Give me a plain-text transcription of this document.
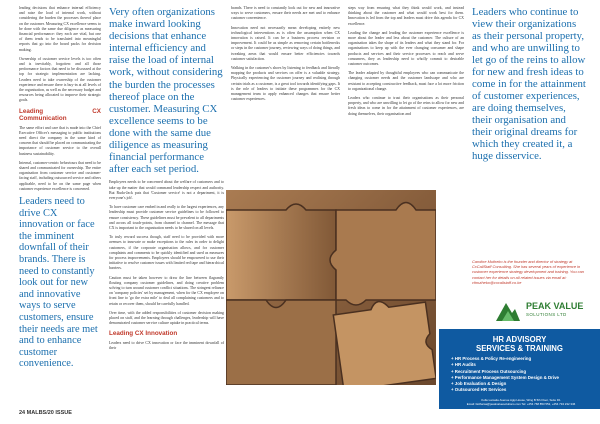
leading decisions that enhance internal efficiency and raise the load of internal work, without considering the burden the processes thereof place on the customer. Measuring CX excellence seems to be done with the same due diligence as measuring financial performance: they each are vital, but one of them tends to be translated into meaningful reports that go into the board packs for decision making.

Ownership of customer service levels is too often and is inevitably, forgotten: and all those performance factors that need to be discussed at the top for strategic implementation are lacking. Leaders need to take ownership of the customer experience and ensure there is buy-in at all levels of the organisation, as well as the necessary budget and resources being allocated to improve their strategic goals.

Leading CX Communication

The same effort and care that is made into the Chief Executive Officer's messaging to public institutions need direct the company in the same kind of concern that should be placed on communicating the importance of customer service to the overall business sustainability.

Internal, customer-centric behaviours that need to be shared and communicated for ownership. The entire organisation from customer service and customer-facing staff, including outsourced service and others applicable, need to be on the same page when customer experience excellence is concerned.

Leaders need to drive CX innovation or face the imminent downfall of their brands. There is need to constantly look out for new and innovative ways to serve customers, ensure their needs are met and to enhance customer convenience.
Very often organizations make inward looking decisions that enhance internal efficiency and raise the load of internal work, without considering the burden the processes thereof place on the customer. Measuring CX excellence seems to be done with the same due diligence as measuring financial performance after each set period.

Employees needs to be concerned about the welfare of customers and to take up the matter that would command leadership respect and authority. But Ruda-Jack puts that 'Customer service' is not a department, it is everyone's job'.

To have customer care embed in and really to the largest experiences, any leadership must provide customer service guidelines to be followed to ensure consistency. These guidelines must be prevalent to all departments and across all touch-points, from channel to channel. The message that CX is important to the organisation needs to be shared on all levels.

To truly reward success though, staff need to be provided with more avenues to innovate or make exceptions to the rules in order to delight customers, if the corporate organisation allows, and for customer complaints and comments to be quickly identified and used as measures for process improvements. Employees should be empowered to use their initiative to resolve customer issues with limited red tape and hierarchical barriers.

Caution must be taken however to draw the line between flagrantly flouting company customer guidelines, and doing creative problem solving to turn around customer conflict situations. The stringent reliance on 'company policies' set by management, when for the CX employee on front line to 'go the extra mile' to deal all complaining customers and to retain or recover them, should be carefully handled.

Over time, with the added responsibilities of customer decision making placed on staff, and the learning through challenges, leadership will have demonstrated customer service culture uptake in practical terms.

Leading CX Innovation

Leaders need to drive CX innovation or face the imminent downfall of their

brands. There is need to constantly look out for new and innovative ways to serve customers, ensure their needs are met and to enhance customer convenience.

Innovation need not necessarily mean developing entirely new technological interventions as is often the assumption when CX innovation is raised. It can be a business process revision or improvement. It could be as simple as removing certain bottlenecks or steps in the customer journey, reviewing ways of doing things, and tweaking areas that would ensure better efficiencies towards customer satisfaction.

Walking in the customer's shoes by listening to feedback and literally mapping the products and services on offer is a valuable strategy. Physically experiencing the customer journey and realising through certain trials as a customer, is a great tool towards identifying gaps. It is the role of leaders to initiate these programmes for the CX management team to apply enhanced changes that ensure better customer experiences.

steps way from ensuring what they think would work, and instead thinking about the customer and what would work best for them. Innovation is led from the top and leaders must drive this agenda for CX excellence.

Leading the change and leading the customer experience excellence is more about the leader and less about the customer. The culture of an organisation takes the shape of its leaders and what they stand for. For organisations to keep up with the ever changing consumer and shape products and services and their service processes to reach and serve consumers, they as leadership need to wholly commit to desirable customer outcomes.

The leader adapted by thoughtful employees who can communicate the changing customer needs and the customer landscape and who are resistant to accepting constructive feedback, must face a lot more friction to organizational change.

Leaders who continue to trust their organisations as their personal property, and who are unwilling to let go of the reins to allow for new and fresh ideas to come in for the attainment of customer experiences, are doing themselves, their organisation and

Leaders who continue to view their organizations as their personal property, and who are unwilling to let go of the reins to allow for new and fresh ideas to come in for the attainment of customer experiences, are doing themselves, their organisation and their original dreams for which they created it, a huge disservice.
Caroline Mutheko is the founder and director of strategy at CxCallStaff Consulting. She has several years of experience in customer experience strategy development and training. You can contact her for details on all related issues via email at: cfmutheko@cxcallstaff.co.ke
PEAK VALUE
SOLUTIONS LTD
HR ADVISORY
SERVICES & TRAINING
+ HR Process & Policy Re-engineering
+ HR Audits
+ Recruitment Process Outsourcing
+ Performance Management System Design & Drive
+ Job Evaluation & Design
+ Outsourced HR Services
Kolle Lamaite Avenue Agip House, Wing B 5th Floor, Suite D1
Email: lisitharsa@peakvaluesolutions.com Tel: +254 768 853 552, +254 734 232 346
24 MALBS/20 ISSUE
